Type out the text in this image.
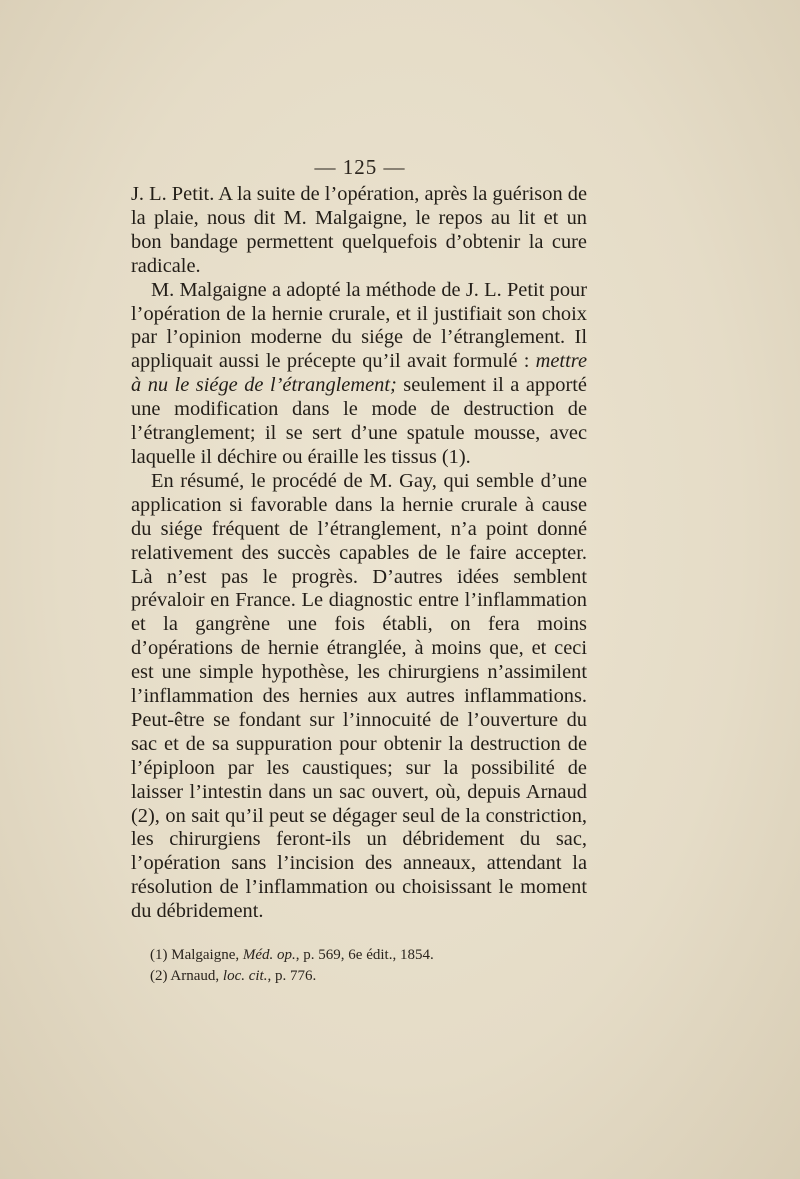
— 125 —

J. L. Petit. A la suite de l’opération, après la guérison de la plaie, nous dit M. Malgaigne, le repos au lit et un bon bandage permettent quelquefois d’obtenir la cure radicale.

M. Malgaigne a adopté la méthode de J. L. Petit pour l’opération de la hernie crurale, et il justifiait son choix par l’opinion moderne du siége de l’étranglement. Il appliquait aussi le précepte qu’il avait formulé : mettre à nu le siége de l’étranglement; seulement il a apporté une modification dans le mode de destruction de l’étranglement; il se sert d’une spatule mousse, avec laquelle il déchire ou éraille les tissus (1).

En résumé, le procédé de M. Gay, qui semble d’une application si favorable dans la hernie crurale à cause du siége fréquent de l’étranglement, n’a point donné relativement des succès capables de le faire accepter. Là n’est pas le progrès. D’autres idées semblent prévaloir en France. Le diagnostic entre l’inflammation et la gangrène une fois établi, on fera moins d’opérations de hernie étranglée, à moins que, et ceci est une simple hypothèse, les chirurgiens n’assimilent l’inflammation des hernies aux autres inflammations. Peut-être se fondant sur l’innocuité de l’ouverture du sac et de sa suppuration pour obtenir la destruction de l’épiploon par les caustiques; sur la possibilité de laisser l’intestin dans un sac ouvert, où, depuis Arnaud (2), on sait qu’il peut se dégager seul de la constriction, les chirurgiens feront-ils un débridement du sac, l’opération sans l’incision des anneaux, attendant la résolution de l’inflammation ou choisissant le moment du débridement.

(1) Malgaigne, Méd. op., p. 569, 6e édit., 1854.

(2) Arnaud, loc. cit., p. 776.
